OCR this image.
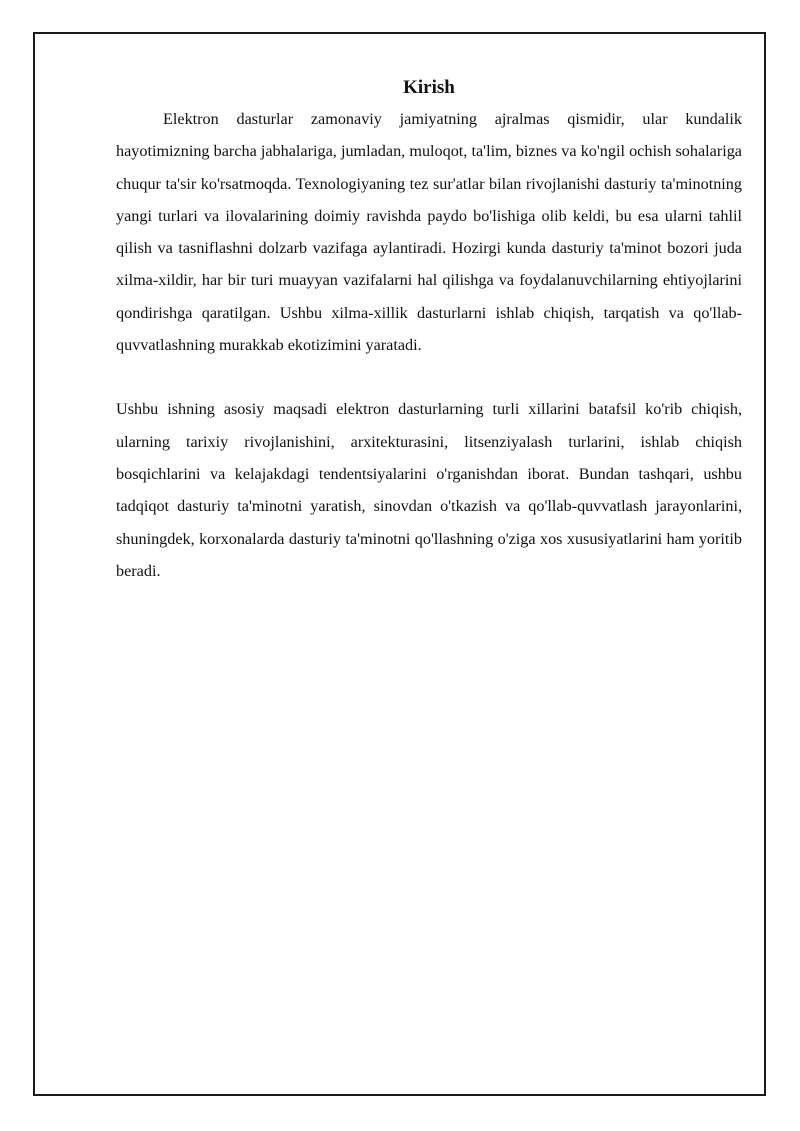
Kirish

Elektron dasturlar zamonaviy jamiyatning ajralmas qismidir, ular kundalik hayotimizning barcha jabhalariga, jumladan, muloqot, ta'lim, biznes va ko'ngil ochish sohalariga chuqur ta'sir ko'rsatmoqda. Texnologiyaning tez sur'atlar bilan rivojlanishi dasturiy ta'minotning yangi turlari va ilovalarining doimiy ravishda paydo bo'lishiga olib keldi, bu esa ularni tahlil qilish va tasniflashni dolzarb vazifaga aylantiradi. Hozirgi kunda dasturiy ta'minot bozori juda xilma-xildir, har bir turi muayyan vazifalarni hal qilishga va foydalanuvchilarning ehtiyojlarini qondirishga qaratilgan. Ushbu xilma-xillik dasturlarni ishlab chiqish, tarqatish va qo'llab-quvvatlashning murakkab ekotizimini yaratadi.

Ushbu ishning asosiy maqsadi elektron dasturlarning turli xillarini batafsil ko'rib chiqish, ularning tarixiy rivojlanishini, arxitekturasini, litsenziyalash turlarini, ishlab chiqish bosqichlarini va kelajakdagi tendentsiyalarini o'rganishdan iborat. Bundan tashqari, ushbu tadqiqot dasturiy ta'minotni yaratish, sinovdan o'tkazish va qo'llab-quvvatlash jarayonlarini, shuningdek, korxonalarda dasturiy ta'minotni qo'llashning o'ziga xos xususiyatlarini ham yoritib beradi.
